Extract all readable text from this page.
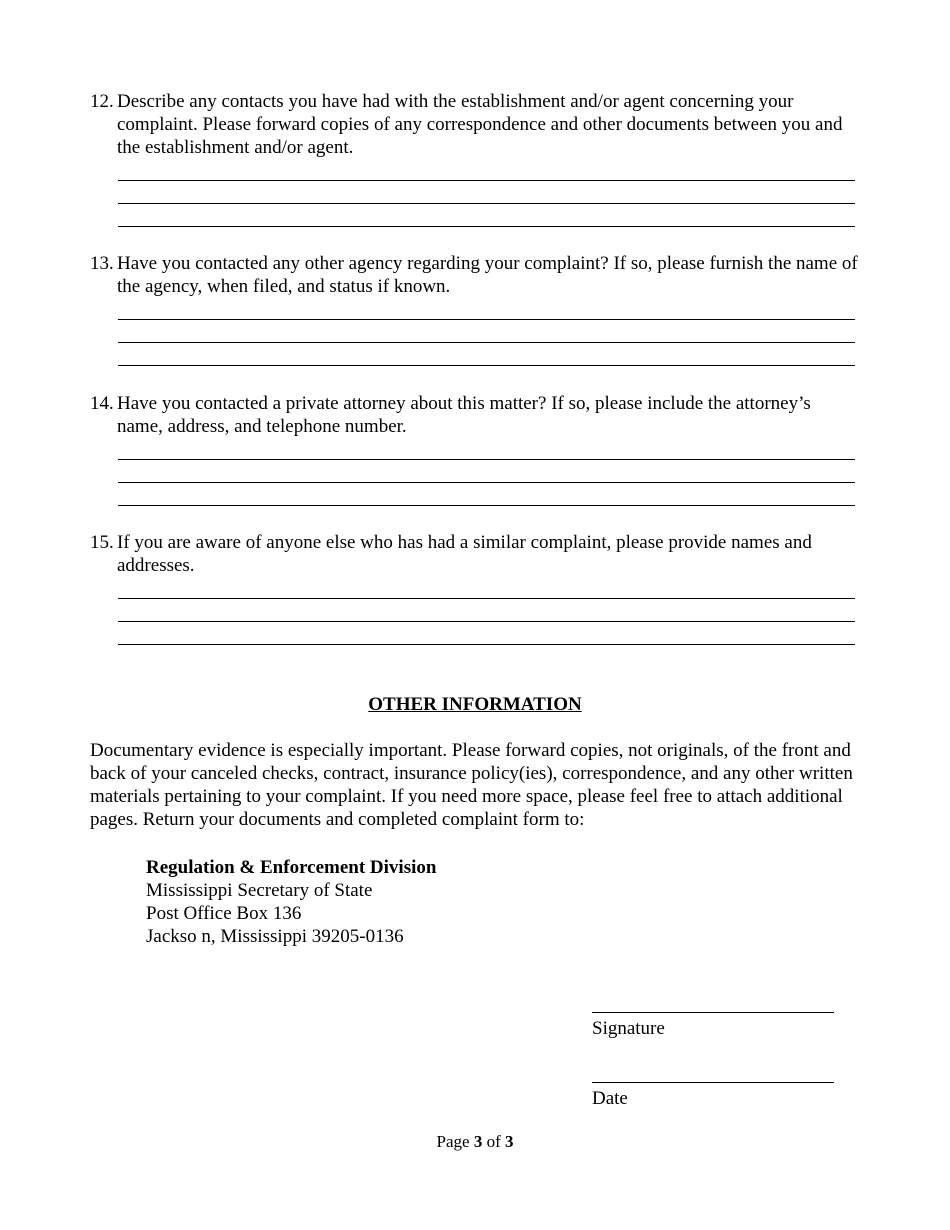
12. Describe any contacts you have had with the establishment and/or agent concerning your complaint. Please forward copies of any correspondence and other documents between you and the establishment and/or agent.
13. Have you contacted any other agency regarding your complaint? If so, please furnish the name of the agency, when filed, and status if known.
14. Have you contacted a private attorney about this matter? If so, please include the attorney’s name, address, and telephone number.
15. If you are aware of anyone else who has had a similar complaint, please provide names and addresses.
OTHER INFORMATION
Documentary evidence is especially important. Please forward copies, not originals, of the front and back of your canceled checks, contract, insurance policy(ies), correspondence, and any other written materials pertaining to your complaint. If you need more space, please feel free to attach additional pages. Return your documents and completed complaint form to:
Regulation & Enforcement Division
Mississippi Secretary of State
Post Office Box 136
Jackso n, Mississippi 39205-0136
Signature
Date
Page 3 of 3
